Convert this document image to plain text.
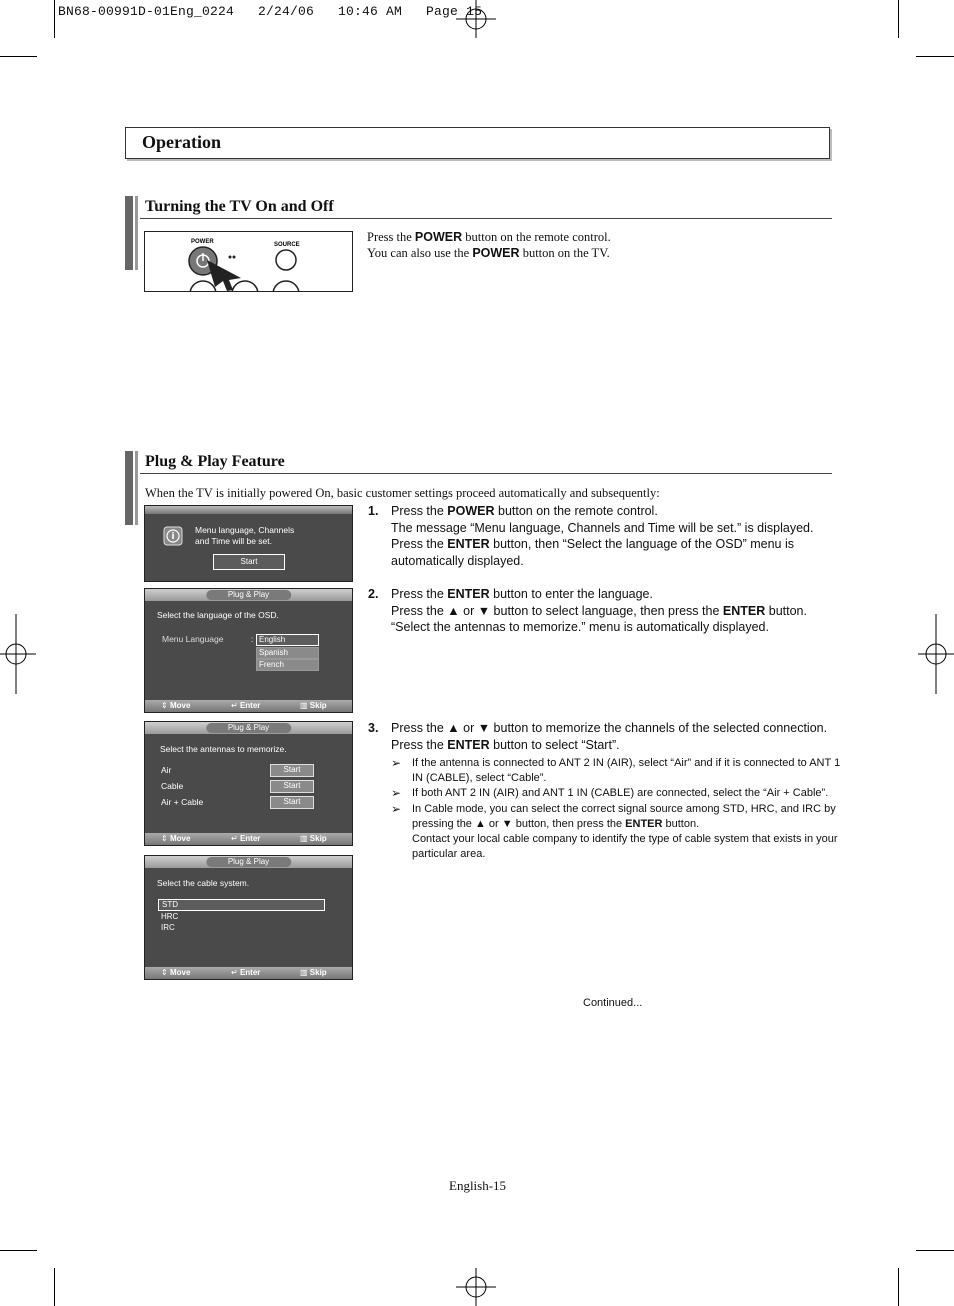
BN68-00991D-01Eng_0224   2/24/06   10:46 AM   Page 15
Operation
Turning the TV On and Off
POWER	SOURCE

Press the POWER button on the remote control.

You can also use the POWER button on the TV.

Plug & Play Feature
When the TV is initially powered On, basic customer settings proceed automatically and subsequently:
Menu language, Channels
and Time will be set.
Start
Plug & Play
Select the language of the OSD.
Menu Language	: English
Spanish
French
⇕ Move	↵ Enter	▥ Skip
Plug & Play
Select the antennas to memorize.
Air	Start
Cable	Start
Air + Cable	Start
⇕ Move	↵ Enter	▥ Skip
Plug & Play
Select the cable system.
STD
HRC
IRC
⇕ Move	↵ Enter	▥ Skip
1. Press the POWER button on the remote control.

The message “Menu language, Channels and Time will be set.” is displayed.

Press the ENTER button, then “Select the language of the OSD” menu is automatically displayed.

2. Press the ENTER button to enter the language.

Press the ▲ or ▼ button to select language, then press the ENTER button.

“Select the antennas to memorize.” menu is automatically displayed.

3. Press the ▲ or ▼ button to memorize the channels of the selected connection.

Press the ENTER button to select “Start”.

➢ If the antenna is connected to ANT 2 IN (AIR), select “Air” and if it is connected to ANT 1 IN (CABLE), select “Cable”.
➢ If both ANT 2 IN (AIR) and ANT 1 IN (CABLE) are connected, select the “Air + Cable”.
➢ In Cable mode, you can select the correct signal source among STD, HRC, and IRC by pressing the ▲ or ▼ button, then press the ENTER button.

Contact your local cable company to identify the type of cable system that exists in your particular area.

Continued...
English-15
